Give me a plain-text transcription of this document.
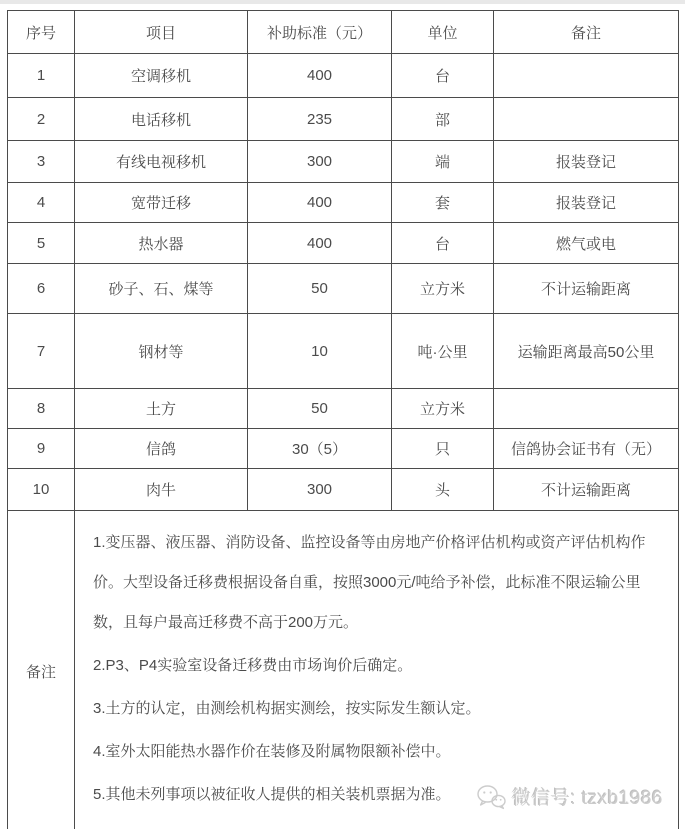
序号	项目	补助标准（元）	单位	备注
1	空调移机	400	台	
2	电话移机	235	部	
3	有线电视移机	300	端	报装登记
4	宽带迁移	400	套	报装登记
5	热水器	400	台	燃气或电
6	砂子、石、煤等	50	立方米	不计运输距离
7	钢材等	10	吨·公里	运输距离最高50公里
8	土方	50	立方米	
9	信鸽	30（5）	只	信鸽协会证书有（无）
10	肉牛	300	头	不计运输距离
备注	1.变压器、液压器、消防设备、监控设备等由房地产价格评估机构或资产评估机构作价。大型设备迁移费根据设备自重，按照3000元/吨给予补偿，此标准不限运输公里数，且每户最高迁移费不高于200万元。

2.P3、P4实验室设备迁移费由市场询价后确定。

3.土方的认定，由测绘机构据实测绘，按实际发生额认定。

4.室外太阳能热水器作价在装修及附属物限额补偿中。

5.其他未列事项以被征收人提供的相关装机票据为准。				微信号: tzxb1986
